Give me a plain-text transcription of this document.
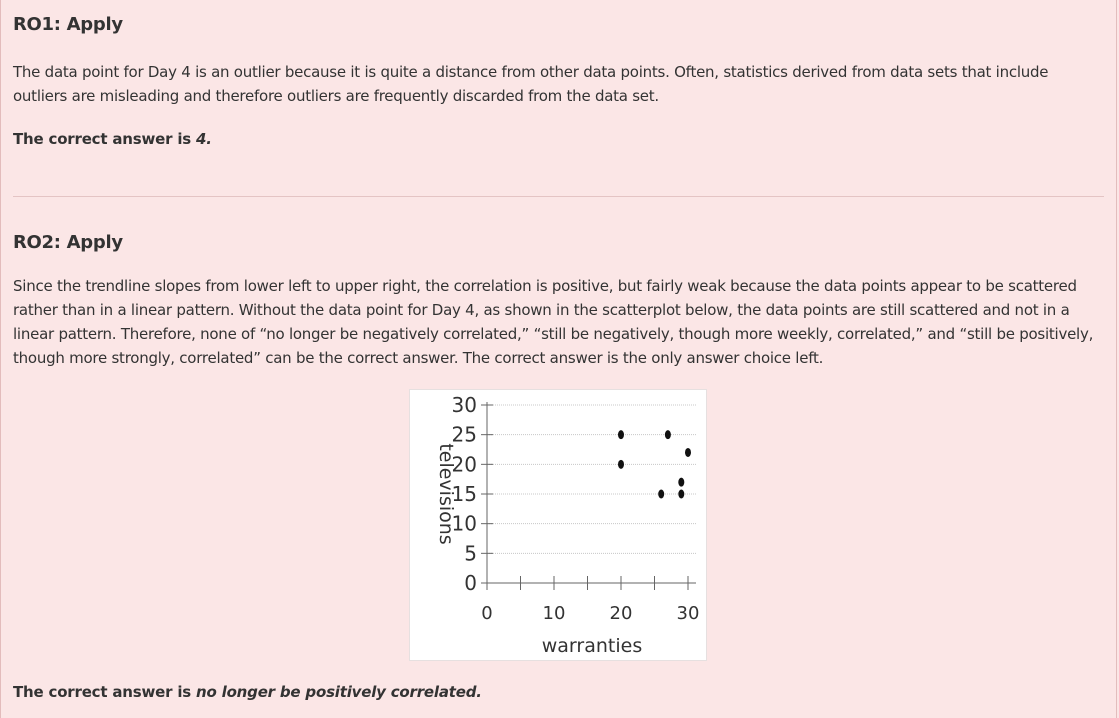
RO1: Apply

The data point for Day 4 is an outlier because it is quite a distance from other data points. Often, statistics derived from data sets that include outliers are misleading and therefore outliers are frequently discarded from the data set.

The correct answer is 4.
RO2: Apply

Since the trendline slopes from lower left to upper right, the correlation is positive, but fairly weak because the data points appear to be scattered rather than in a linear pattern. Without the data point for Day 4, as shown in the scatterplot below, the data points are still scattered and not in a linear pattern. Therefore, none of “no longer be negatively correlated,” “still be negatively, though more weekly, correlated,” and “still be positively, though more strongly, correlated” can be the correct answer. The correct answer is the only answer choice left.

0
5
10
15
20
25
30
0	10 20 30
warranties
televisions
The correct answer is no longer be positively correlated.
